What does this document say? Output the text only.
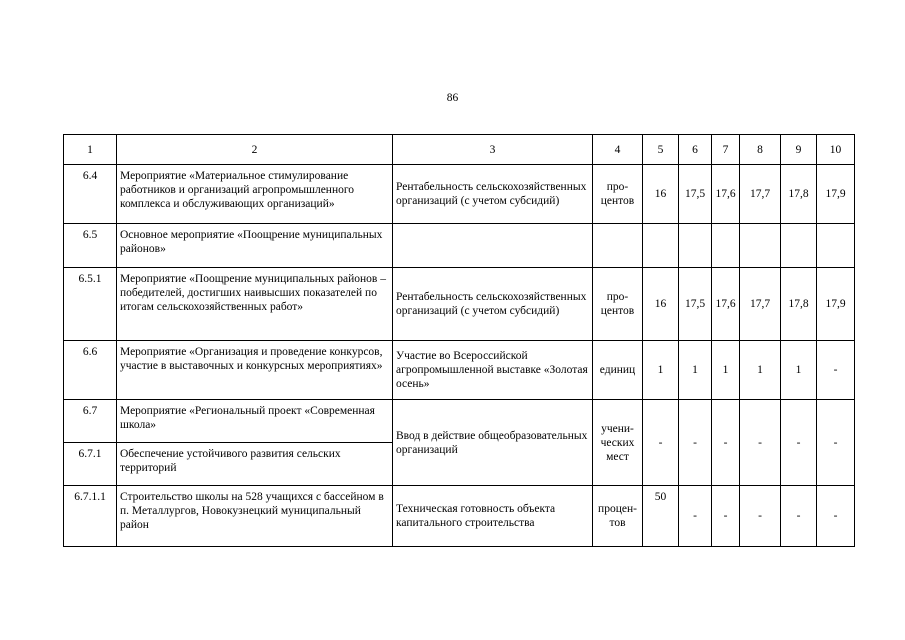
86
1	2	3	4	5	6	7	8	9	10
6.4	Мероприятие «Материальное стимулирование работников и организаций агропромышленного комплекса и обслуживающих организаций»	Рентабельность сельскохозяйственных организаций (с учетом субсидий)	про-центов	16	17,5	17,6	17,7	17,8	17,9
6.5	Основное мероприятие «Поощрение муниципальных районов»								
6.5.1	Мероприятие «Поощрение муниципальных районов – победителей, достигших наивысших показателей по итогам сельскохозяйственных работ»	Рентабельность сельскохозяйственных организаций (с учетом субсидий)	про-центов	16	17,5	17,6	17,7	17,8	17,9
6.6	Мероприятие «Организация и проведение конкурсов, участие в выставочных и конкурсных мероприятиях»	Участие во Всероссийской агропромышленной выставке «Золотая осень»	единиц	1	1	1	1	1	-
6.7	Мероприятие «Региональный проект «Современная школа»	Ввод в действие общеобразовательных организаций	учени-ческих мест	-	-	-	-	-	-
6.7.1	Обеспечение устойчивого развития сельских территорий								
6.7.1.1	Строительство школы на 528 учащихся с бассейном в п. Металлургов, Новокузнецкий муниципальный район	Техническая готовность объекта капитального строительства	процен-тов	50	-	-	-	-	-
